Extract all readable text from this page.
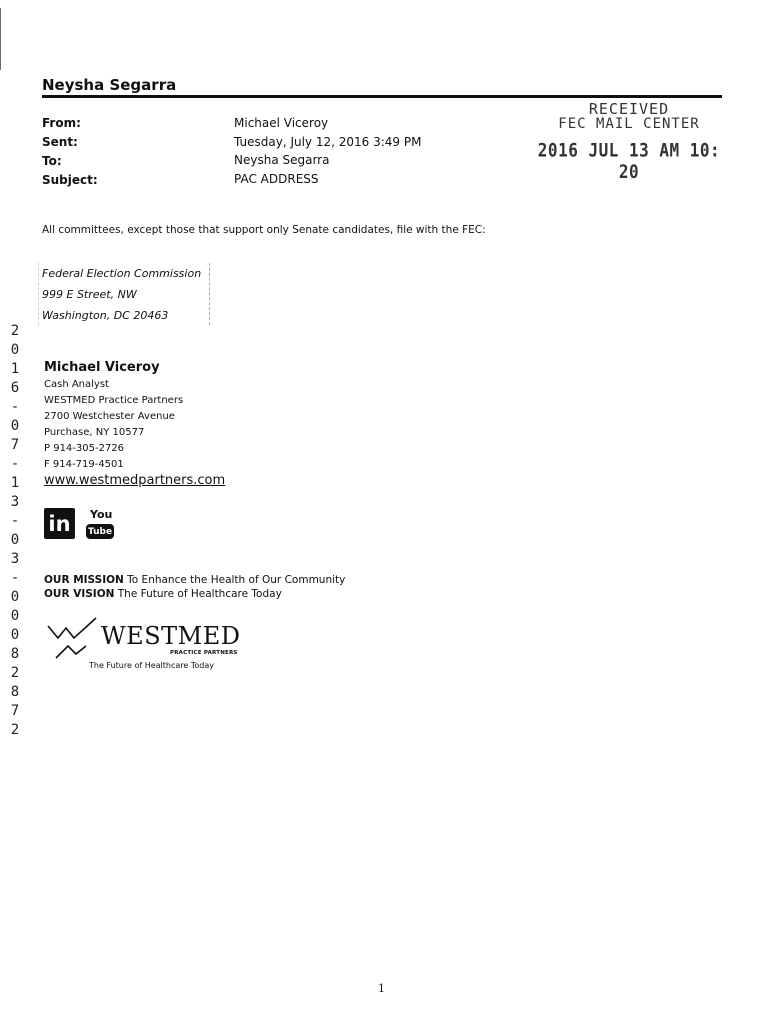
Neysha Segarra
From:
Sent:
To:
Subject:
Michael Viceroy
Tuesday, July 12, 2016 3:49 PM
Neysha Segarra
PAC ADDRESS
RECEIVED
FEC MAIL CENTER
2016 JUL 13 AM 10: 20
All committees, except those that support only Senate candidates, file with the FEC:
Federal Election Commission
999 E Street, NW
Washington, DC 20463
2
0
1
6
-
0
7
-
1
3
-
0
3
-
0
0
0
8
2
8
7
2
Michael Viceroy
Cash Analyst
WESTMED Practice Partners
2700 Westchester Avenue
Purchase, NY 10577
P 914-305-2726
F 914-719-4501
www.westmedpartners.com
in	You
Tube
OUR MISSION To Enhance the Health of Our Community
OUR VISION The Future of Healthcare Today
WESTMED
PRACTICE PARTNERS
The Future of Healthcare Today
1
